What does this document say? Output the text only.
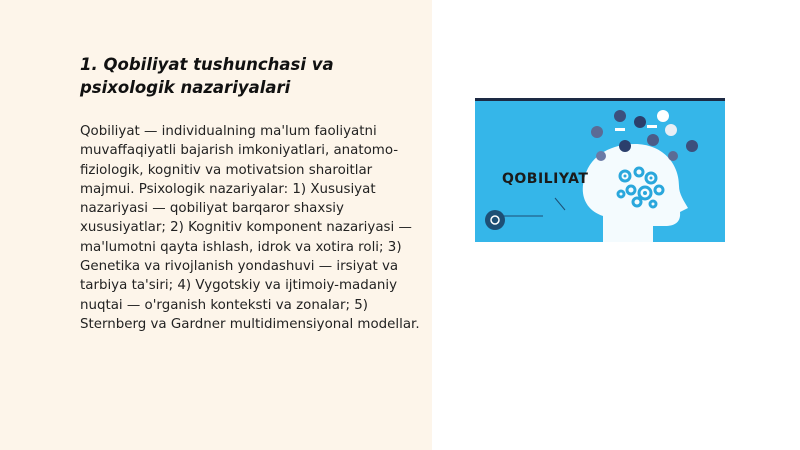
1. Qobiliyat tushunchasi va psixologik nazariyalari

Qobiliyat — individualning ma'lum faoliyatni muvaffaqiyatli bajarish imkoniyatlari, anatomo-fiziologik, kognitiv va motivatsion sharoitlar majmui. Psixologik nazariyalar: 1) Xususiyat nazariyasi — qobiliyat barqaror shaxsiy xususiyatlar; 2) Kognitiv komponent nazariyasi — ma'lumotni qayta ishlash, idrok va xotira roli; 3) Genetika va rivojlanish yondashuvi — irsiyat va tarbiya ta'siri; 4) Vygotskiy va ijtimoiy-madaniy nuqtai — o'rganish konteksti va zonalar; 5) Sternberg va Gardner multidimensiyonal modellar.

QOBILIYAT
